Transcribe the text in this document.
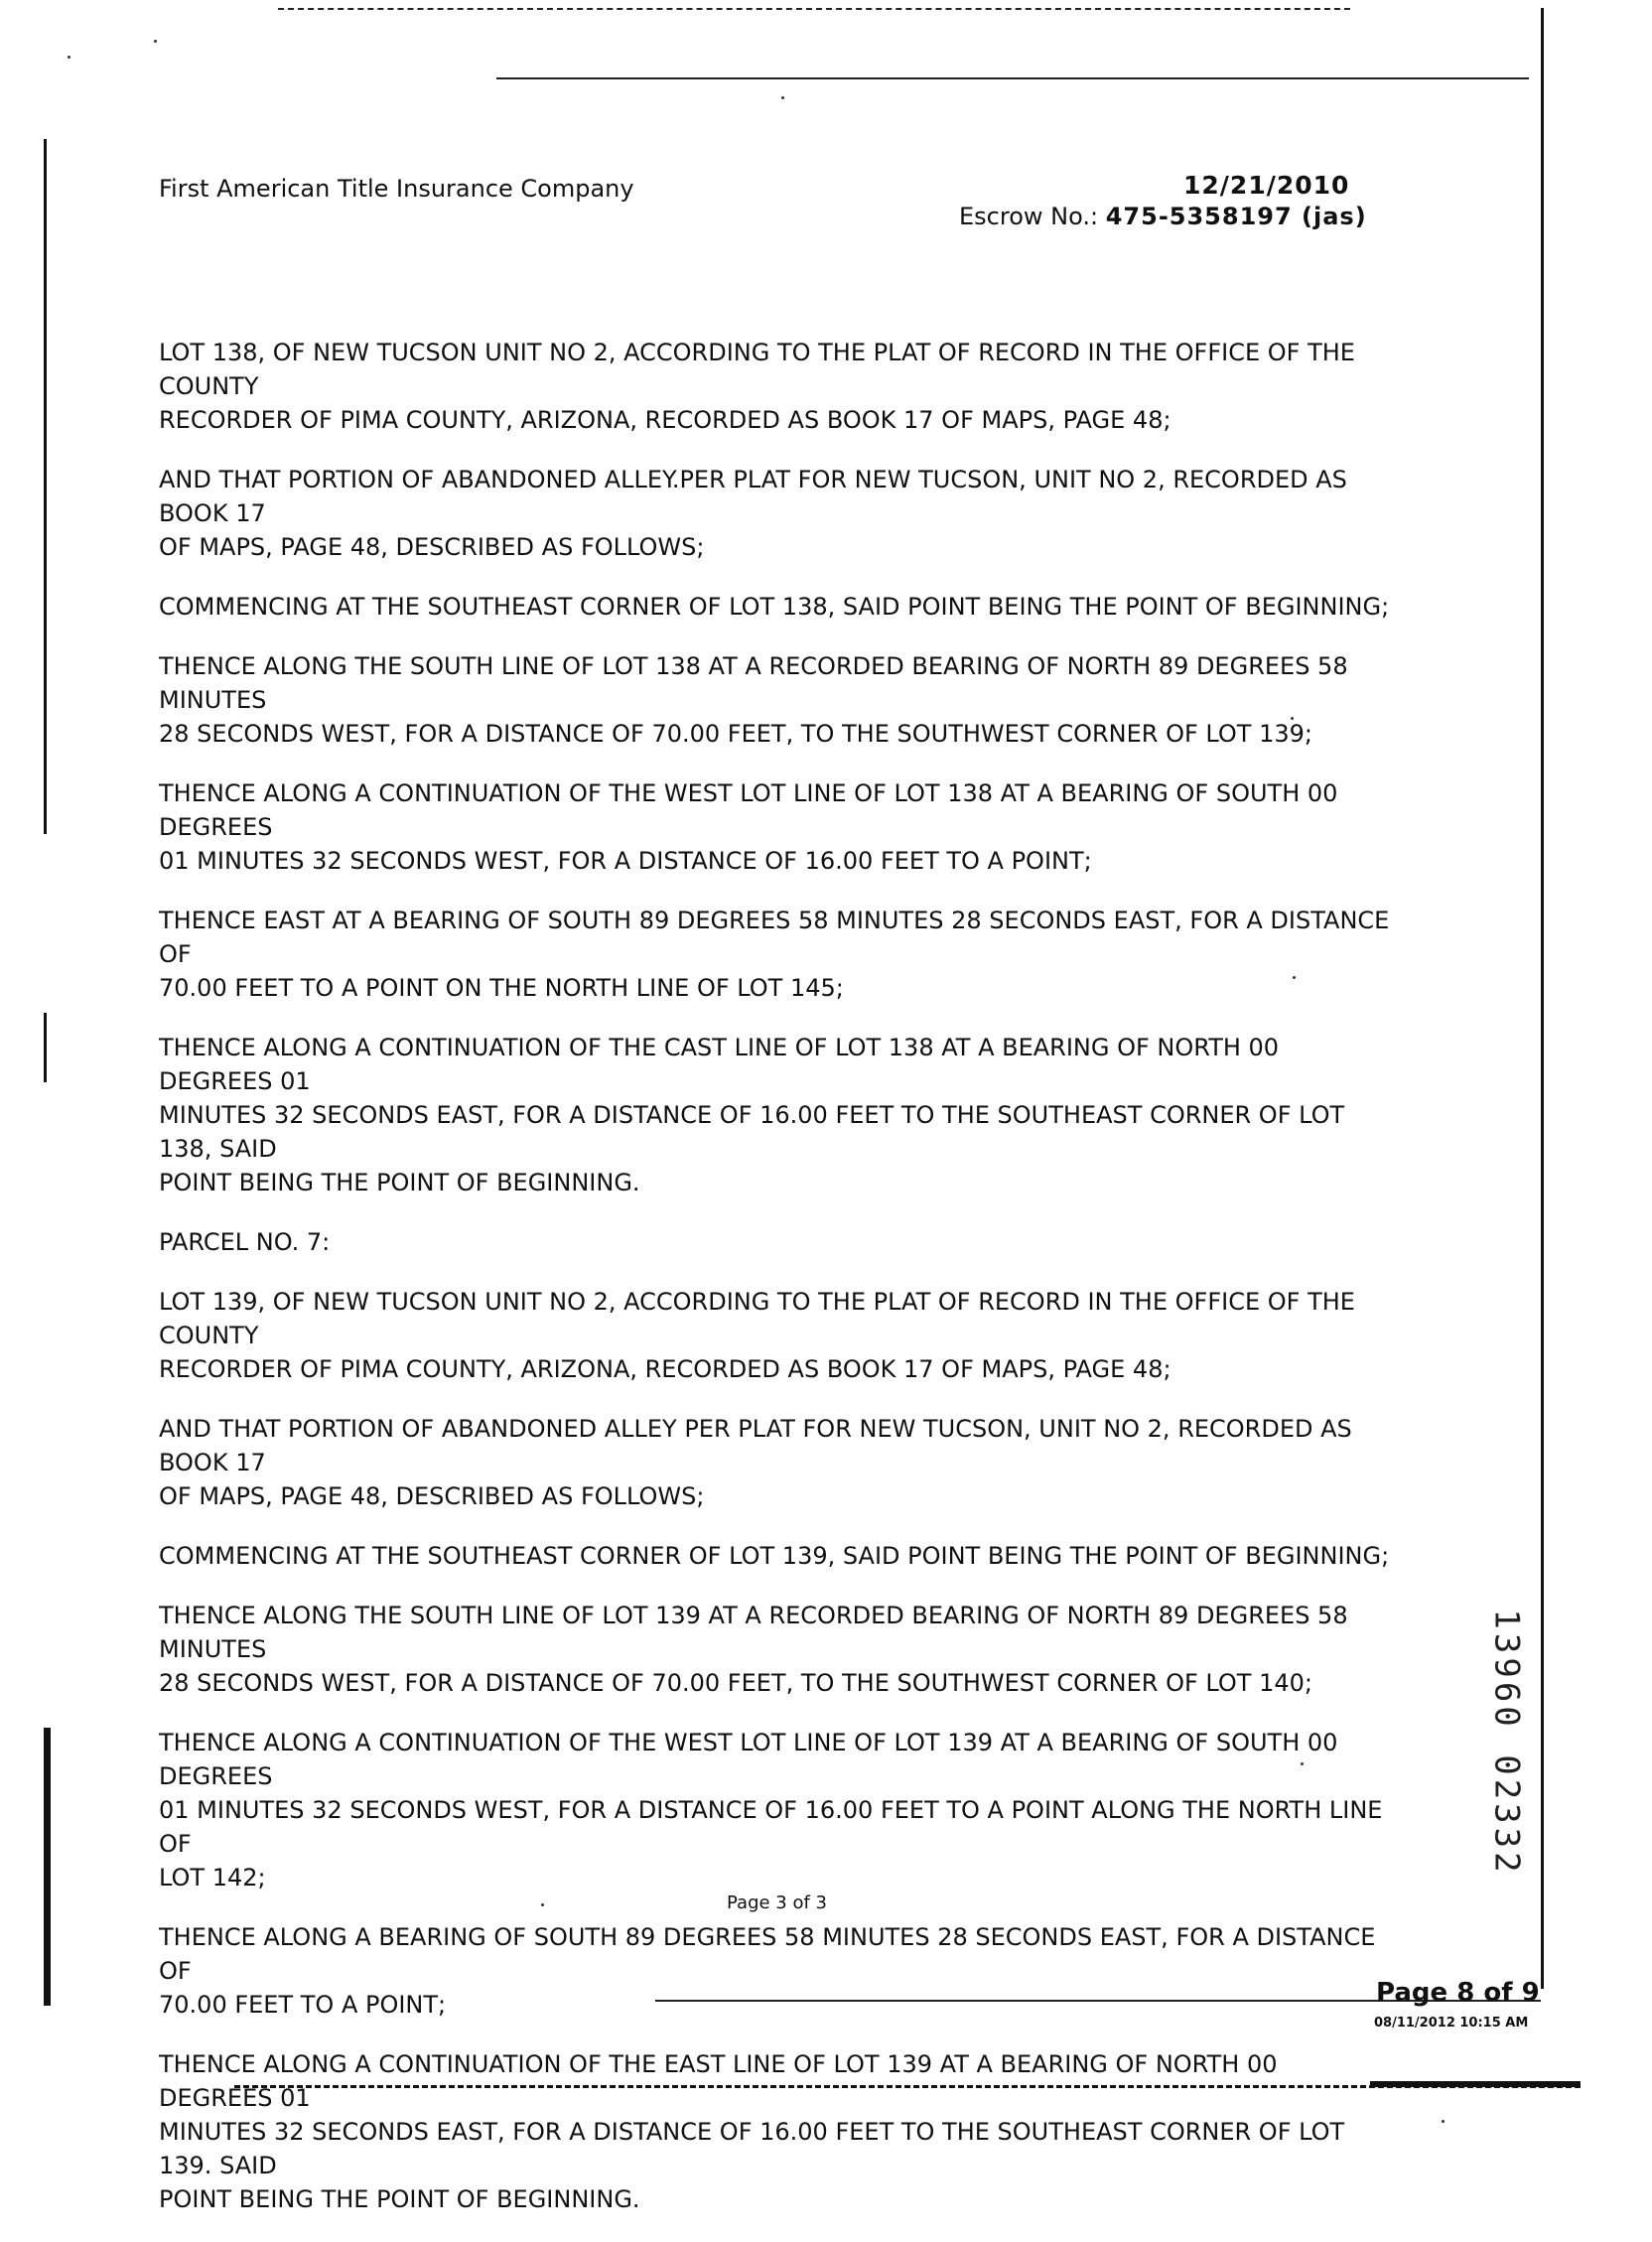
First American Title Insurance Company	12/21/2010
Escrow No.: 475-5358197 (jas)

LOT 138, OF NEW TUCSON UNIT NO 2, ACCORDING TO THE PLAT OF RECORD IN THE OFFICE OF THE COUNTY
RECORDER OF PIMA COUNTY, ARIZONA, RECORDED AS BOOK 17 OF MAPS, PAGE 48;

AND THAT PORTION OF ABANDONED ALLEY.PER PLAT FOR NEW TUCSON, UNIT NO 2, RECORDED AS BOOK 17
OF MAPS, PAGE 48, DESCRIBED AS FOLLOWS;

COMMENCING AT THE SOUTHEAST CORNER OF LOT 138, SAID POINT BEING THE POINT OF BEGINNING;

THENCE ALONG THE SOUTH LINE OF LOT 138 AT A RECORDED BEARING OF NORTH 89 DEGREES 58 MINUTES
28 SECONDS WEST, FOR A DISTANCE OF 70.00 FEET, TO THE SOUTHWEST CORNER OF LOT 139;

THENCE ALONG A CONTINUATION OF THE WEST LOT LINE OF LOT 138 AT A BEARING OF SOUTH 00 DEGREES
01 MINUTES 32 SECONDS WEST, FOR A DISTANCE OF 16.00 FEET TO A POINT;

THENCE EAST AT A BEARING OF SOUTH 89 DEGREES 58 MINUTES 28 SECONDS EAST, FOR A DISTANCE OF
70.00 FEET TO A POINT ON THE NORTH LINE OF LOT 145;

THENCE ALONG A CONTINUATION OF THE CAST LINE OF LOT 138 AT A BEARING OF NORTH 00 DEGREES 01
MINUTES 32 SECONDS EAST, FOR A DISTANCE OF 16.00 FEET TO THE SOUTHEAST CORNER OF LOT 138, SAID
POINT BEING THE POINT OF BEGINNING.

PARCEL NO. 7:

LOT 139, OF NEW TUCSON UNIT NO 2, ACCORDING TO THE PLAT OF RECORD IN THE OFFICE OF THE COUNTY
RECORDER OF PIMA COUNTY, ARIZONA, RECORDED AS BOOK 17 OF MAPS, PAGE 48;

AND THAT PORTION OF ABANDONED ALLEY PER PLAT FOR NEW TUCSON, UNIT NO 2, RECORDED AS BOOK 17
OF MAPS, PAGE 48, DESCRIBED AS FOLLOWS;

COMMENCING AT THE SOUTHEAST CORNER OF LOT 139, SAID POINT BEING THE POINT OF BEGINNING;

THENCE ALONG THE SOUTH LINE OF LOT 139 AT A RECORDED BEARING OF NORTH 89 DEGREES 58 MINUTES
28 SECONDS WEST, FOR A DISTANCE OF 70.00 FEET, TO THE SOUTHWEST CORNER OF LOT 140;

THENCE ALONG A CONTINUATION OF THE WEST LOT LINE OF LOT 139 AT A BEARING OF SOUTH 00 DEGREES
01 MINUTES 32 SECONDS WEST, FOR A DISTANCE OF 16.00 FEET TO A POINT ALONG THE NORTH LINE OF
LOT 142;

THENCE ALONG A BEARING OF SOUTH 89 DEGREES 58 MINUTES 28 SECONDS EAST, FOR A DISTANCE OF
70.00 FEET TO A POINT;

THENCE ALONG A CONTINUATION OF THE EAST LINE OF LOT 139 AT A BEARING OF NORTH 00 DEGREES 01
MINUTES 32 SECONDS EAST, FOR A DISTANCE OF 16.00 FEET TO THE SOUTHEAST CORNER OF LOT 139. SAID
POINT BEING THE POINT OF BEGINNING.

13960 02332
Page 3 of 3
Page 8 of 9
08/11/2012 10:15 AM
